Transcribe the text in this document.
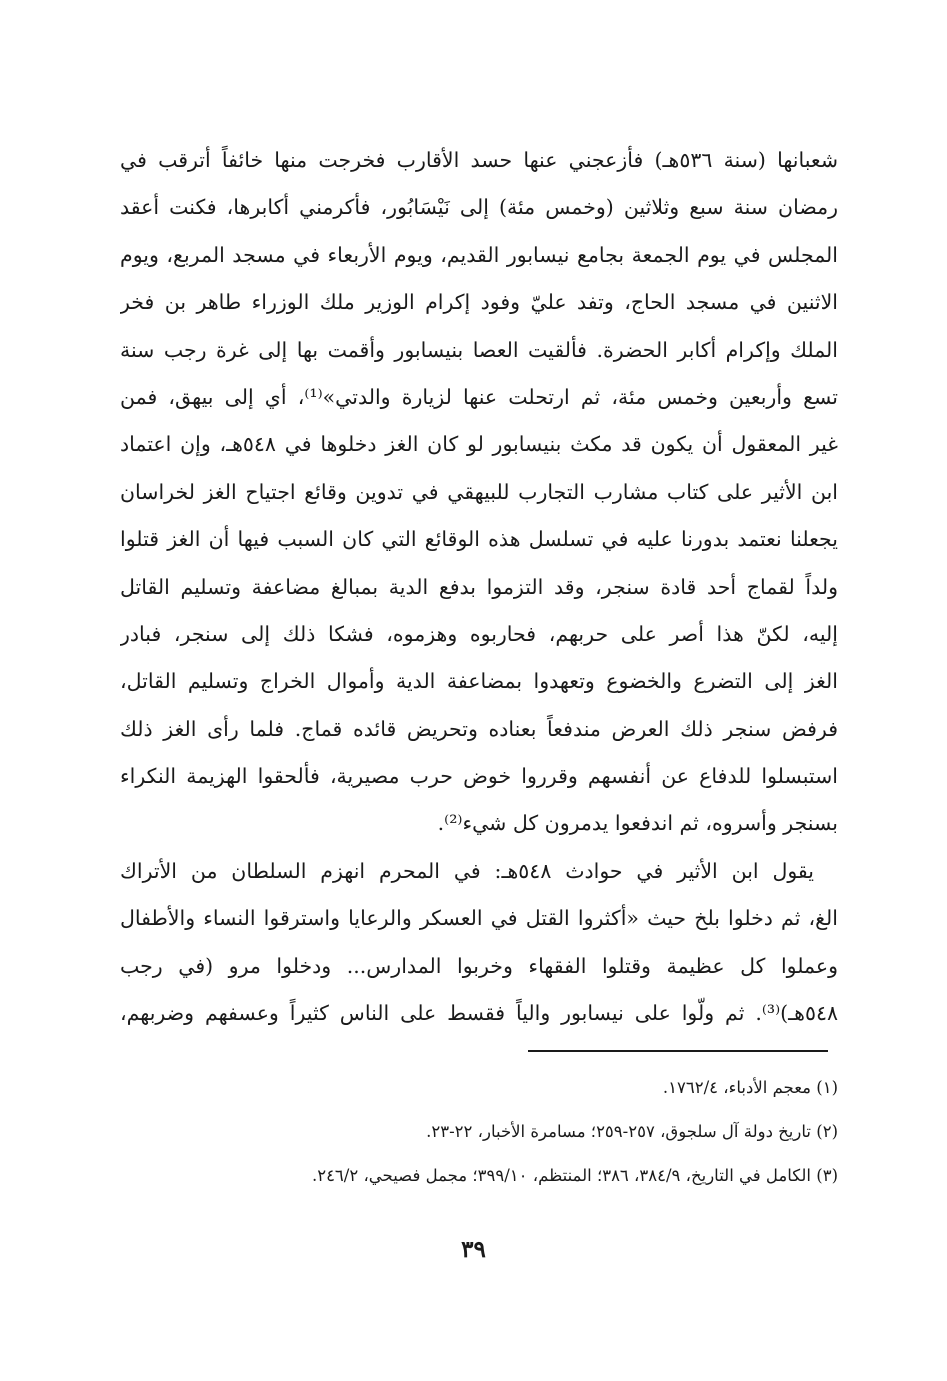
شعبانها (سنة ٥٣٦هـ) فأزعجني عنها حسد الأقارب فخرجت منها خائفاً أترقب في
رمضان سنة سبع وثلاثين (وخمس مئة) إلى نَيْسَابُور، فأكرمني أكابرها، فكنت أعقد
المجلس في يوم الجمعة بجامع نيسابور القديم، ويوم الأربعاء في مسجد المربع، ويوم
الاثنين في مسجد الحاج، وتفد عليّ وفود إكرام الوزير ملك الوزراء طاهر بن فخر
الملك وإكرام أكابر الحضرة. فألقيت العصا بنيسابور وأقمت بها إلى غرة رجب سنة
تسع وأربعين وخمس مئة، ثم ارتحلت عنها لزيارة والدتي»⁽¹⁾، أي إلى بيهق، فمن
غير المعقول أن يكون قد مكث بنيسابور لو كان الغز دخلوها في ٥٤٨هـ، وإن اعتماد
ابن الأثير على كتاب مشارب التجارب للبيهقي في تدوين وقائع اجتياح الغز لخراسان
يجعلنا نعتمد بدورنا عليه في تسلسل هذه الوقائع التي كان السبب فيها أن الغز قتلوا
ولداً لقماج أحد قادة سنجر، وقد التزموا بدفع الدية بمبالغ مضاعفة وتسليم القاتل
إليه، لكنّ هذا أصر على حربهم، فحاربوه وهزموه، فشكا ذلك إلى سنجر، فبادر
الغز إلى التضرع والخضوع وتعهدوا بمضاعفة الدية وأموال الخراج وتسليم القاتل،
فرفض سنجر ذلك العرض مندفعاً بعناده وتحريض قائده قماج. فلما رأى الغز ذلك
استبسلوا للدفاع عن أنفسهم وقرروا خوض حرب مصيرية، فألحقوا الهزيمة النكراء
بسنجر وأسروه، ثم اندفعوا يدمرون كل شيء⁽²⁾.
يقول ابن الأثير في حوادث ٥٤٨هـ: في المحرم انهزم السلطان من الأتراك
الغ، ثم دخلوا بلخ حيث «أكثروا القتل في العسكر والرعايا واسترقوا النساء والأطفال
وعملوا كل عظيمة وقتلوا الفقهاء وخربوا المدارس... ودخلوا مرو (في رجب
٥٤٨هـ)⁽³⁾. ثم ولّوا على نيسابور والياً فقسط على الناس كثيراً وعسفهم وضربهم،
(١) معجم الأدباء، ١٧٦٢/٤.
(٢) تاريخ دولة آل سلجوق، ٢٥٧-٢٥٩؛ مسامرة الأخبار، ٢٢-٢٣.
(٣) الكامل في التاريخ، ٣٨٤/٩، ٣٨٦؛ المنتظم، ٣٩٩/١٠؛ مجمل فصيحي، ٢٤٦/٢.
٣٩
